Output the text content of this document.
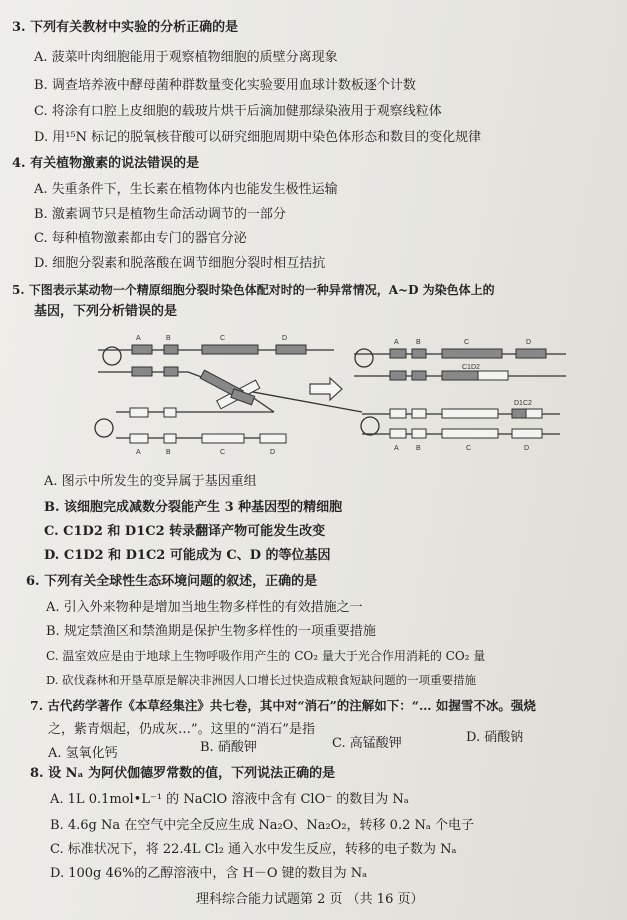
3. 下列有关教材中实验的分析正确的是
A. 菠菜叶肉细胞能用于观察植物细胞的质壁分离现象
B. 调查培养液中酵母菌种群数量变化实验要用血球计数板逐个计数
C. 将涂有口腔上皮细胞的载玻片烘干后滴加健那绿染液用于观察线粒体
D. 用¹⁵N 标记的脱氧核苷酸可以研究细胞周期中染色体形态和数目的变化规律
4. 有关植物激素的说法错误的是
A. 失重条件下，生长素在植物体内也能发生极性运输
B. 激素调节只是植物生命活动调节的一部分
C. 每种植物激素都由专门的器官分泌
D. 细胞分裂素和脱落酸在调节细胞分裂时相互拮抗
5. 下图表示某动物一个精原细胞分裂时染色体配对时的一种异常情况，A~D 为染色体上的
基因，下列分析错误的是
A	B	C	D
A	B	C	D
A B	C	D
C1D2
D1C2
A B	C	D
A. 图示中所发生的变异属于基因重组
B. 该细胞完成减数分裂能产生 3 种基因型的精细胞
C. C1D2 和 D1C2 转录翻译产物可能发生改变
D. C1D2 和 D1C2 可能成为 C、D 的等位基因
6. 下列有关全球性生态环境问题的叙述，正确的是
A. 引入外来物种是增加当地生物多样性的有效措施之一
B. 规定禁渔区和禁渔期是保护生物多样性的一项重要措施
C. 温室效应是由于地球上生物呼吸作用产生的 CO₂ 量大于光合作用消耗的 CO₂ 量
D. 砍伐森林和开垦草原是解决非洲因人口增长过快造成粮食短缺问题的一项重要措施
7. 古代药学著作《本草经集注》共七卷，其中对“消石”的注解如下：“… 如握雪不冰。强烧
之，紫青烟起，仍成灰…”。这里的“消石”是指
A. 氢氧化钙	B. 硝酸钾	C. 高锰酸钾	D. 硝酸钠
8. 设 Nₐ 为阿伏伽德罗常数的值，下列说法正确的是
A. 1L 0.1mol•L⁻¹ 的 NaClO 溶液中含有 ClO⁻ 的数目为 Nₐ
B. 4.6g Na 在空气中完全反应生成 Na₂O、Na₂O₂，转移 0.2 Nₐ 个电子
C. 标准状况下，将 22.4L Cl₂ 通入水中发生反应，转移的电子数为 Nₐ
D. 100g 46%的乙醇溶液中，含 H－O 键的数目为 Nₐ
理科综合能力试题第 2 页 （共 16 页）
